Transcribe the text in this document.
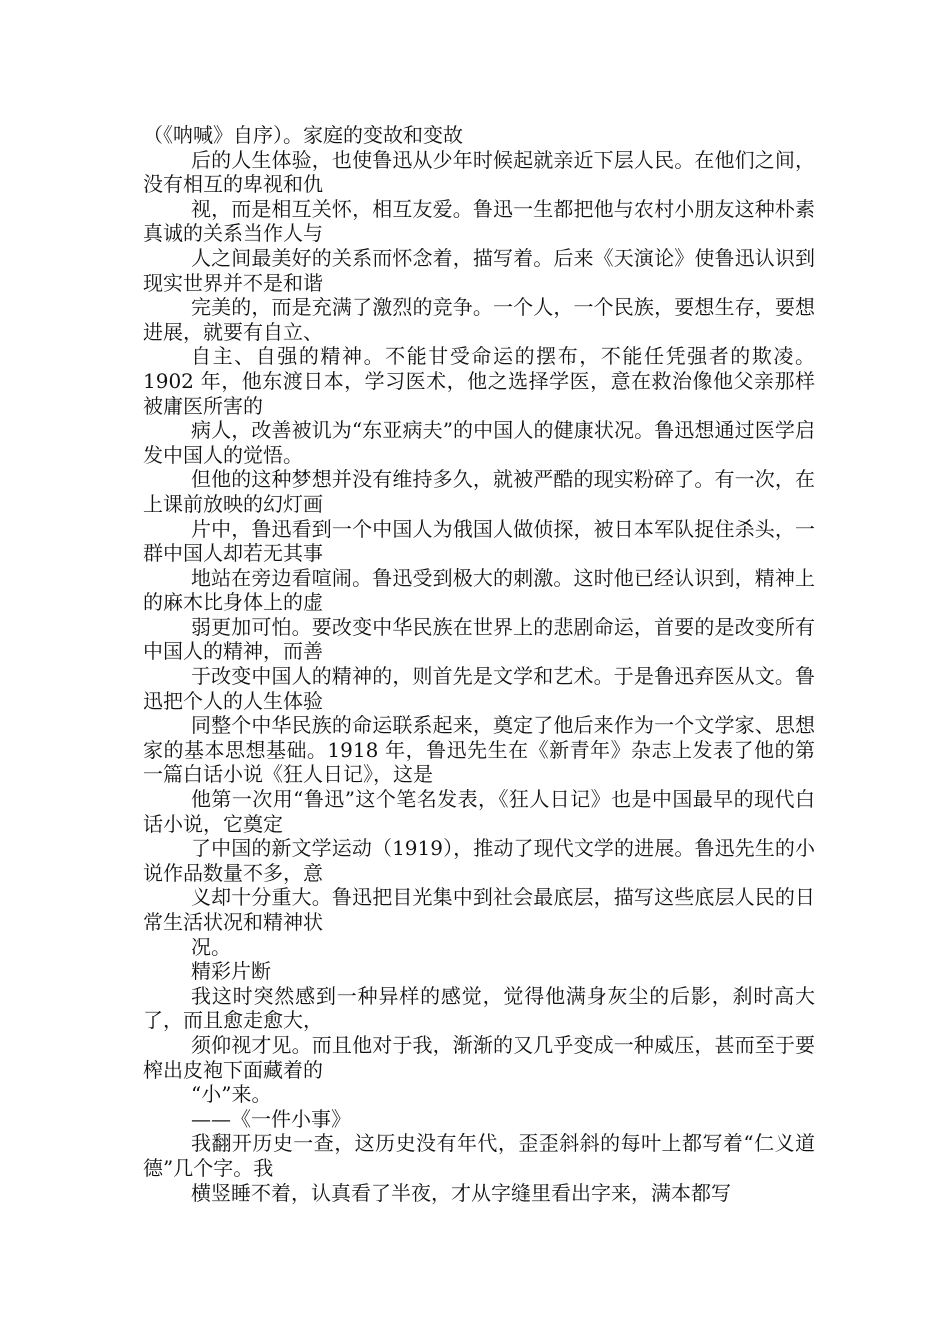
（《呐喊》自序）。家庭的变故和变故

后的人生体验，也使鲁迅从少年时候起就亲近下层人民。在他们之间，没有相互的卑视和仇

视，而是相互关怀，相互友爱。鲁迅一生都把他与农村小朋友这种朴素真诚的关系当作人与

人之间最美好的关系而怀念着，描写着。后来《天演论》使鲁迅认识到现实世界并不是和谐

完美的，而是充满了激烈的竞争。一个人，一个民族，要想生存，要想进展，就要有自立、

自主、自强的精神。不能甘受命运的摆布，不能任凭强者的欺凌。1902 年，他东渡日本，学习医术，他之选择学医，意在救治像他父亲那样被庸医所害的

病人，改善被讥为“东亚病夫”的中国人的健康状况。鲁迅想通过医学启发中国人的觉悟。

但他的这种梦想并没有维持多久，就被严酷的现实粉碎了。有一次，在上课前放映的幻灯画

片中，鲁迅看到一个中国人为俄国人做侦探，被日本军队捉住杀头，一群中国人却若无其事

地站在旁边看喧闹。鲁迅受到极大的刺激。这时他已经认识到，精神上的麻木比身体上的虚

弱更加可怕。要改变中华民族在世界上的悲剧命运，首要的是改变所有中国人的精神，而善

于改变中国人的精神的，则首先是文学和艺术。于是鲁迅弃医从文。鲁迅把个人的人生体验

同整个中华民族的命运联系起来，奠定了他后来作为一个文学家、思想家的基本思想基础。1918 年，鲁迅先生在《新青年》杂志上发表了他的第一篇白话小说《狂人日记》，这是

他第一次用“鲁迅”这个笔名发表，《狂人日记》也是中国最早的现代白话小说，它奠定

了中国的新文学运动（1919），推动了现代文学的进展。鲁迅先生的小说作品数量不多，意

义却十分重大。鲁迅把目光集中到社会最底层，描写这些底层人民的日常生活状况和精神状

况。

精彩片断

我这时突然感到一种异样的感觉，觉得他满身灰尘的后影，刹时高大了，而且愈走愈大，

须仰视才见。而且他对于我，渐渐的又几乎变成一种威压，甚而至于要榨出皮袍下面藏着的

“小”来。

——《一件小事》

我翻开历史一查，这历史没有年代，歪歪斜斜的每叶上都写着“仁义道德”几个字。我

横竖睡不着，认真看了半夜，才从字缝里看出字来，满本都写
